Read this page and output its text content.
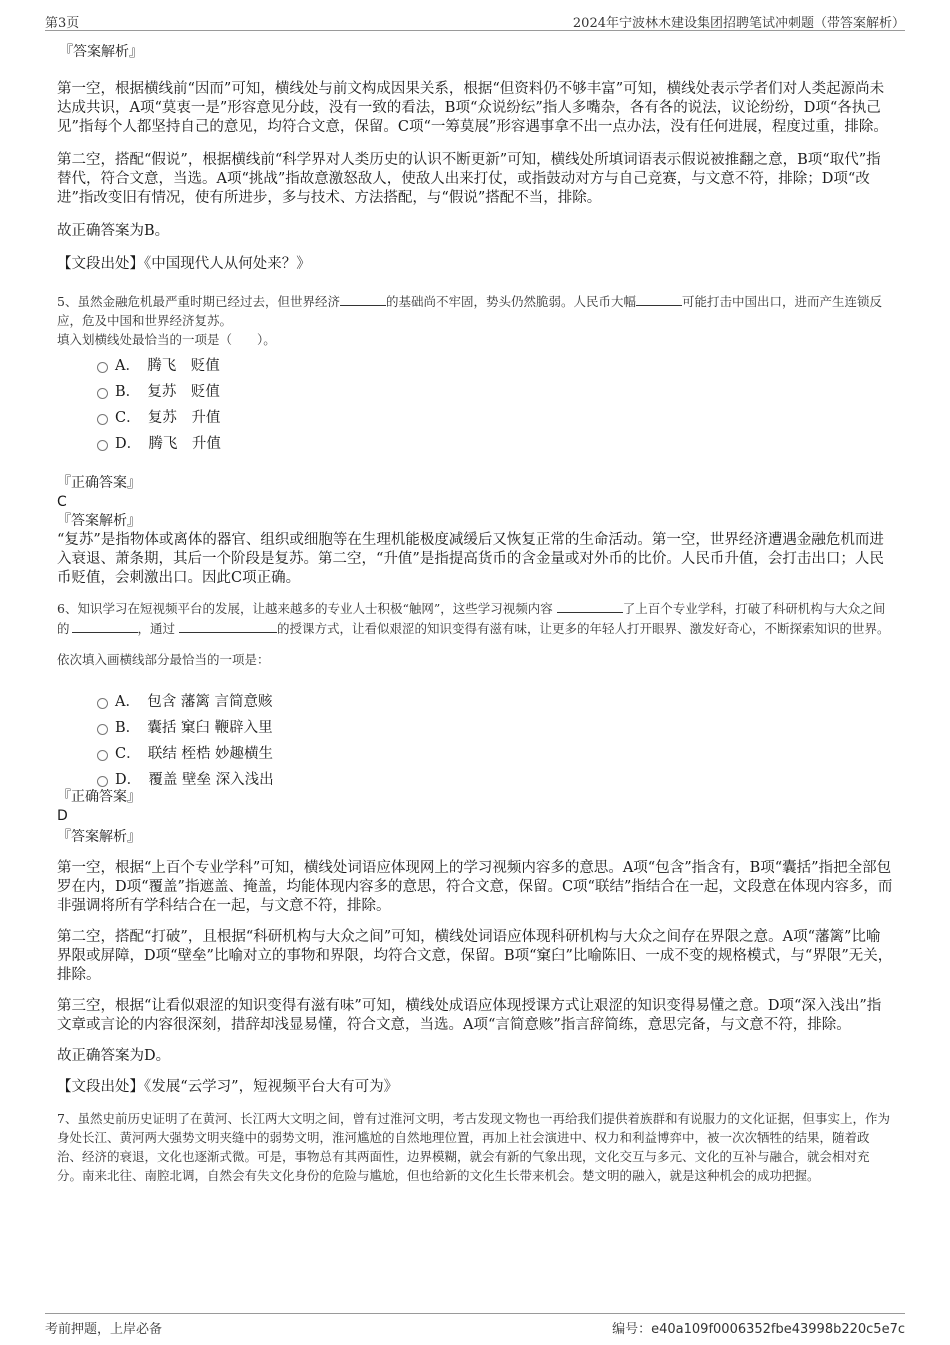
第3页	2024年宁波林木建设集团招聘笔试冲刺题（带答案解析）

『答案解析』

第一空，根据横线前“因而”可知，横线处与前文构成因果关系，根据“但资料仍不够丰富”可知，横线处表示学者们对人类起源尚未达成共识，A项“莫衷一是”形容意见分歧，没有一致的看法，B项“众说纷纭”指人多嘴杂，各有各的说法，议论纷纷，D项“各执己见”指每个人都坚持自己的意见，均符合文意，保留。C项“一筹莫展”形容遇事拿不出一点办法，没有任何进展，程度过重，排除。

第二空，搭配“假说”，根据横线前“科学界对人类历史的认识不断更新”可知，横线处所填词语表示假说被推翻之意，B项“取代”指替代，符合文意，当选。A项“挑战”指故意激怒敌人，使敌人出来打仗，或指鼓动对方与自己竞赛，与文意不符，排除；D项“改进”指改变旧有情况，使有所进步，多与技术、方法搭配，与“假说”搭配不当，排除。

故正确答案为B。

【文段出处】《中国现代人从何处来？》

5、虽然金融危机最严重时期已经过去，但世界经济	的基础尚不牢固，势头仍然脆弱。人民币大幅	可能打击中国出口，进而产生连锁反应，危及中国和世界经济复苏。

填入划横线处最恰当的一项是（　　）。

A．　腾飞　贬值
B．　复苏　贬值
C．　复苏　升值
D．　腾飞　升值

『正确答案』

C

『答案解析』

“复苏”是指物体或离体的器官、组织或细胞等在生理机能极度减缓后又恢复正常的生命活动。第一空，世界经济遭遇金融危机而进入衰退、萧条期，其后一个阶段是复苏。第二空，“升值”是指提高货币的含金量或对外币的比价。人民币升值，会打击出口；人民币贬值，会刺激出口。因此C项正确。

6、知识学习在短视频平台的发展，让越来越多的专业人士积极“触网”，这些学习视频内容	了上百个专业学科，打破了科研机构与大众之间的	，通过	的授课方式，让看似艰涩的知识变得有滋有味，让更多的年轻人打开眼界、激发好奇心，不断探索知识的世界。

依次填入画横线部分最恰当的一项是：

A．　包含 藩篱 言简意赅
B．　囊括 窠臼 鞭辟入里
C．　联结 桎梏 妙趣横生
D．　覆盖 壁垒 深入浅出

『正确答案』

D

『答案解析』

第一空，根据“上百个专业学科”可知，横线处词语应体现网上的学习视频内容多的意思。A项“包含”指含有，B项“囊括”指把全部包罗在内，D项“覆盖”指遮盖、掩盖，均能体现内容多的意思，符合文意，保留。C项“联结”指结合在一起，文段意在体现内容多，而非强调将所有学科结合在一起，与文意不符，排除。

第二空，搭配“打破”，且根据“科研机构与大众之间”可知，横线处词语应体现科研机构与大众之间存在界限之意。A项“藩篱”比喻界限或屏障，D项“壁垒”比喻对立的事物和界限，均符合文意，保留。B项“窠臼”比喻陈旧、一成不变的规格模式，与“界限”无关，排除。

第三空，根据“让看似艰涩的知识变得有滋有味”可知，横线处成语应体现授课方式让艰涩的知识变得易懂之意。D项“深入浅出”指文章或言论的内容很深刻，措辞却浅显易懂，符合文意，当选。A项“言简意赅”指言辞简练，意思完备，与文意不符，排除。

故正确答案为D。

【文段出处】《发展“云学习”，短视频平台大有可为》

7、虽然史前历史证明了在黄河、长江两大文明之间，曾有过淮河文明，考古发现文物也一再给我们提供着族群和有说服力的文化证据，但事实上，作为身处长江、黄河两大强势文明夹缝中的弱势文明，淮河尴尬的自然地理位置，再加上社会演进中、权力和利益博弈中，被一次次牺牲的结果，随着政治、经济的衰退，文化也逐渐式微。可是，事物总有其两面性，边界模糊，就会有新的气象出现，文化交互与多元、文化的互补与融合，就会相对充分。南来北往、南腔北调，自然会有失文化身份的危险与尴尬，但也给新的文化生长带来机会。楚文明的融入，就是这种机会的成功把握。

考前押题，上岸必备	编号：e40a109f0006352fbe43998b220c5e7c
